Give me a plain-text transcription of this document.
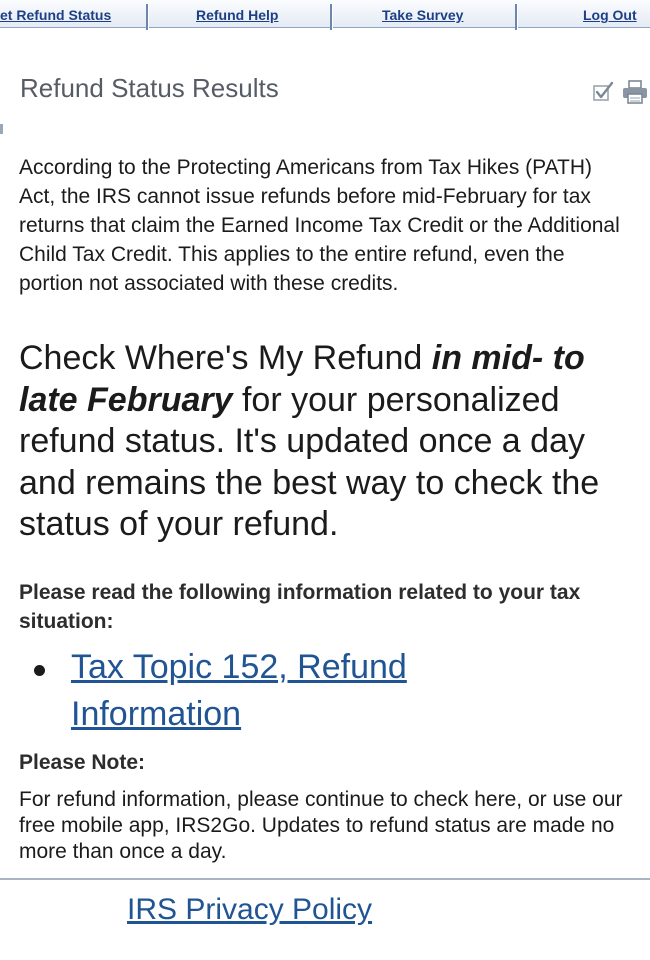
et Refund Status	Refund Help	Take Survey	Log Out
Refund Status Results

According to the Protecting Americans from Tax Hikes (PATH) Act, the IRS cannot issue refunds before mid-February for tax returns that claim the Earned Income Tax Credit or the Additional Child Tax Credit. This applies to the entire refund, even the portion not associated with these credits.

Check Where's My Refund in mid- to late February for your personalized refund status. It's updated once a day and remains the best way to check the status of your refund.

Please read the following information related to your tax situation:

Tax Topic 152, Refund Information
Please Note:

For refund information, please continue to check here, or use our free mobile app, IRS2Go. Updates to refund status are made no more than once a day.

IRS Privacy Policy
